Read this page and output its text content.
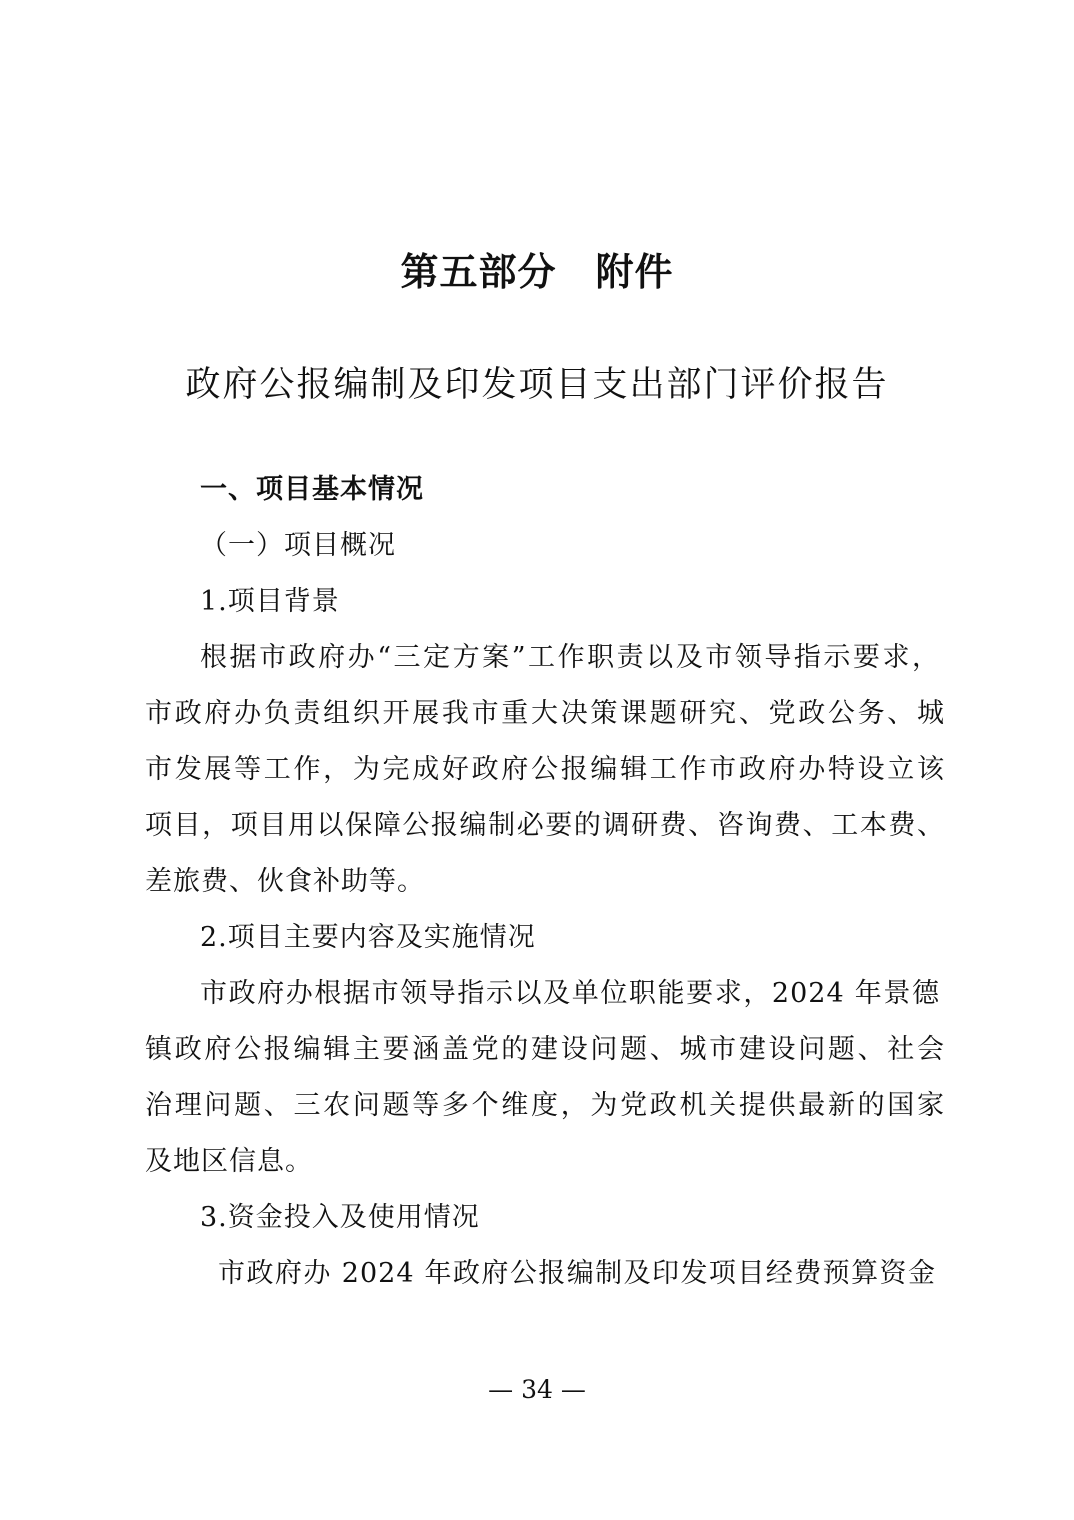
第五部分　附件
政府公报编制及印发项目支出部门评价报告
一、项目基本情况
（一）项目概况
1.项目背景
根据市政府办“三定方案”工作职责以及市领导指示要求，
市政府办负责组织开展我市重大决策课题研究、党政公务、城
市发展等工作，为完成好政府公报编辑工作市政府办特设立该
项目，项目用以保障公报编制必要的调研费、咨询费、工本费、
差旅费、伙食补助等。
2.项目主要内容及实施情况
市政府办根据市领导指示以及单位职能要求，2024 年景德
镇政府公报编辑主要涵盖党的建设问题、城市建设问题、社会
治理问题、三农问题等多个维度，为党政机关提供最新的国家
及地区信息。
3.资金投入及使用情况
市政府办 2024 年政府公报编制及印发项目经费预算资金
— 34 —
